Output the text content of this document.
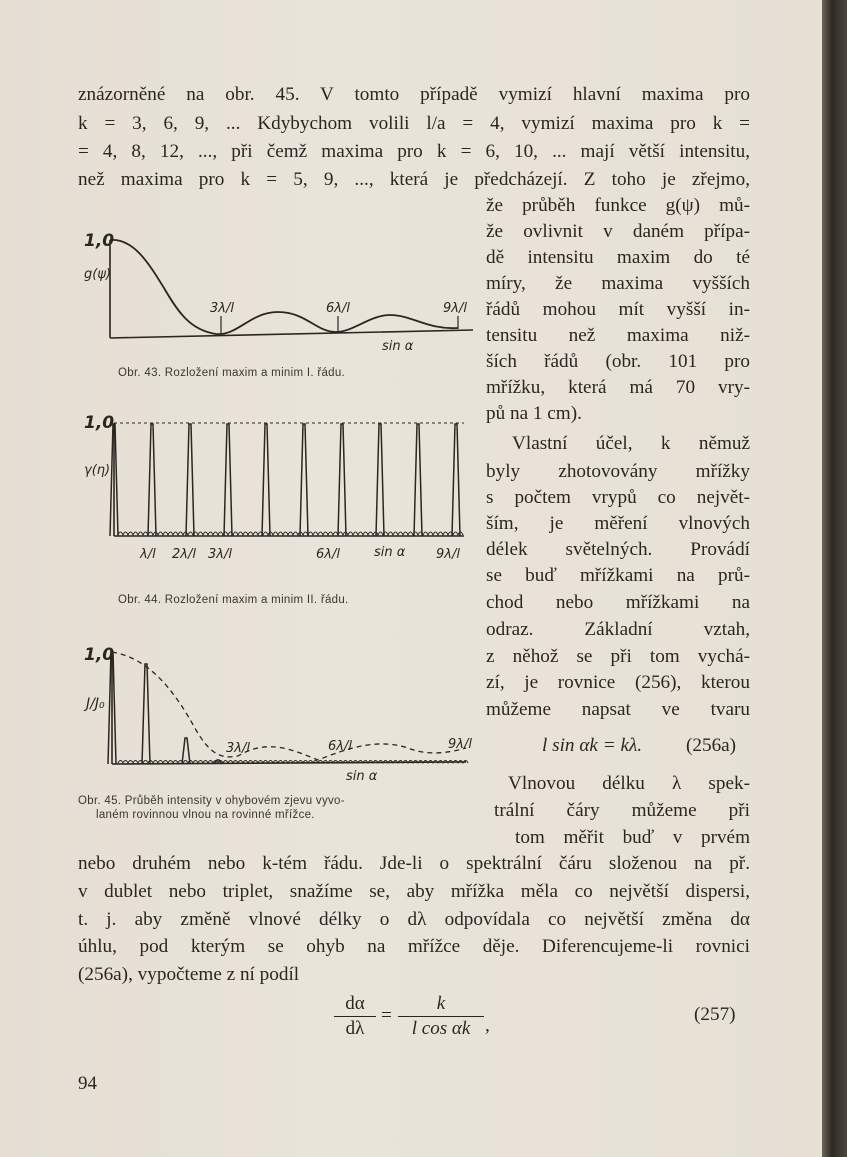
znázorněné na obr. 45. V tomto případě vymizí hlavní maxima pro
k = 3, 6, 9, ... Kdybychom volili l/a = 4, vymizí maxima pro k =
= 4, 8, 12, ..., při čemž maxima pro k = 6, 10, ... mají větší intensitu,
než maxima pro k = 5, 9, ..., která je předcházejí. Z toho je zřejmo,
že průběh funkce g(ψ) mů-
že ovlivnit v daném přípa-
dě intensitu maxim do té
míry, že maxima vyšších
řádů mohou mít vyšší in-
tensitu než maxima niž-
ších řádů (obr. 101 pro
mřížku, která má 70 vry-
pů na 1 cm).
Vlastní účel, k němuž
byly zhotovovány mřížky
s počtem vrypů co největ-
ším, je měření vlnových
délek světelných. Provádí
se buď mřížkami na prů-
chod nebo mřížkami na
odraz. Základní vztah,
z něhož se při tom vychá-
zí, je rovnice (256), kterou
můžeme napsat ve tvaru
l sin αk = kλ. (256a)
Vlnovou délku λ spek-
trální čáry můžeme při
tom měřit buď v prvém
nebo druhém nebo k-tém řádu. Jde-li o spektrální čáru složenou na př.
v dublet nebo triplet, snažíme se, aby mřížka měla co největší dispersi,
t. j. aby změně vlnové délky o dλ odpovídala co největší změna dα
úhlu, pod kterým se ohyb na mřížce děje. Diferencujeme-li rovnici
(256a), vypočteme z ní podíl
$\frac{d\alpha}{d\lambda} = \frac{k}{\text{l cos αk}}$ ,
(257)
1,0
g(ψ)
3λ/l	6λ/l	9λ/l
sin α
Obr. 43. Rozložení maxim a minim I. řádu.
1,0
γ(η)
λ/l 2λ/l 3λ/l	6λ/l	sin α 9λ/l
Obr. 44. Rozložení maxim a minim II. řádu.
1,0
J/J₀
3λ/l	6λ/l	9λ/l
sin α
Obr. 45. Průběh intensity v ohybovém zjevu vyvo-
laném rovinnou vlnou na rovinné mřížce.
94
